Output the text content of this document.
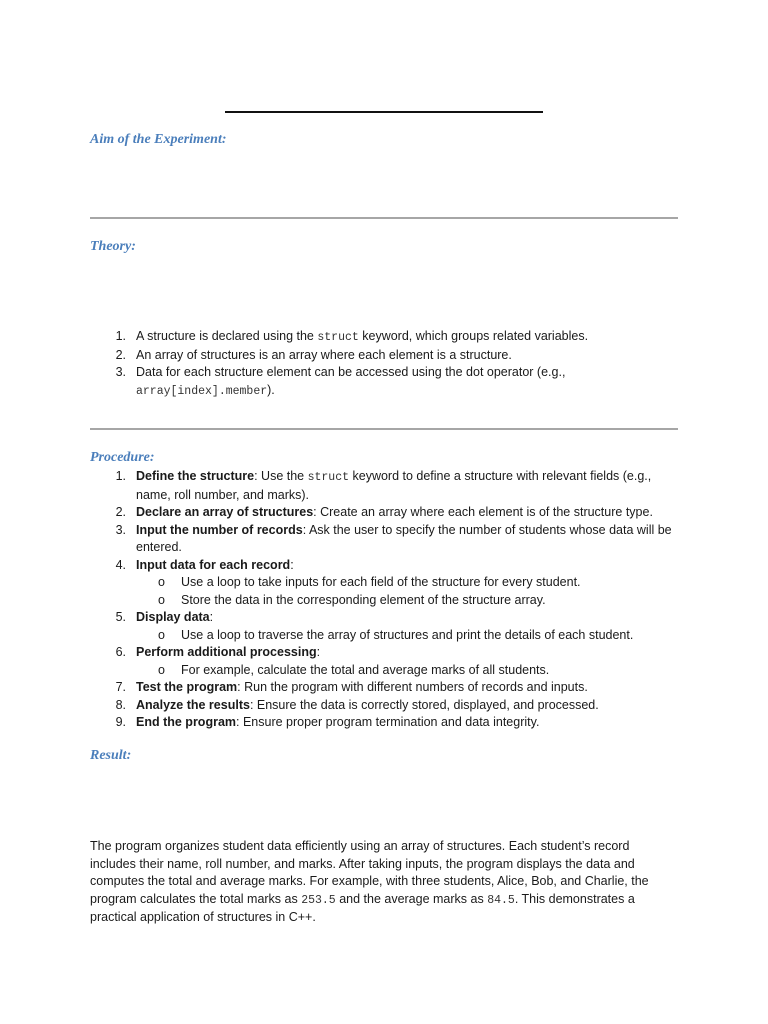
Aim of the Experiment:
Theory:
1. A structure is declared using the struct keyword, which groups related variables.
2. An array of structures is an array where each element is a structure.
3. Data for each structure element can be accessed using the dot operator (e.g., array[index].member).
Procedure:
1. Define the structure: Use the struct keyword to define a structure with relevant fields (e.g., name, roll number, and marks).
2. Declare an array of structures: Create an array where each element is of the structure type.
3. Input the number of records: Ask the user to specify the number of students whose data will be entered.
4. Input data for each record:
o Use a loop to take inputs for each field of the structure for every student.
o Store the data in the corresponding element of the structure array.
5. Display data:
o Use a loop to traverse the array of structures and print the details of each student.
6. Perform additional processing:
o For example, calculate the total and average marks of all students.
7. Test the program: Run the program with different numbers of records and inputs.
8. Analyze the results: Ensure the data is correctly stored, displayed, and processed.
9. End the program: Ensure proper program termination and data integrity.
Result:

The program organizes student data efficiently using an array of structures. Each student’s record includes their name, roll number, and marks. After taking inputs, the program displays the data and computes the total and average marks. For example, with three students, Alice, Bob, and Charlie, the program calculates the total marks as 253.5 and the average marks as 84.5. This demonstrates a practical application of structures in C++.
